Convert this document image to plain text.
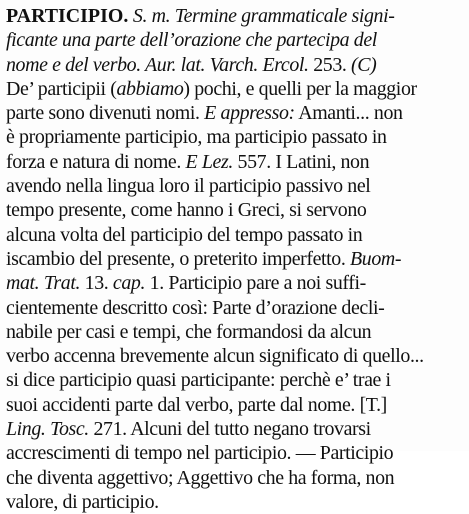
PARTICIPIO. S. m. Termine grammaticale signi-
ficante una parte dell’orazione che partecipa del
nome e del verbo. Aur. lat. Varch. Ercol. 253. (C)
De’ participii (abbiamo) pochi, e quelli per la maggior
parte sono divenuti nomi. E appresso: Amanti... non
è propriamente participio, ma participio passato in
forza e natura di nome. E Lez. 557. I Latini, non
avendo nella lingua loro il participio passivo nel
tempo presente, come hanno i Greci, si servono
alcuna volta del participio del tempo passato in
iscambio del presente, o preterito imperfetto. Buom-
mat. Trat. 13. cap. 1. Participio pare a noi suffi-
cientemente descritto così: Parte d’orazione decli-
nabile per casi e tempi, che formandosi da alcun
verbo accenna brevemente alcun significato di quello...
si dice participio quasi participante: perchè e’ trae i
suoi accidenti parte dal verbo, parte dal nome. [T.]
Ling. Tosc. 271. Alcuni del tutto negano trovarsi
accrescimenti di tempo nel participio. — Participio
che diventa aggettivo; Aggettivo che ha forma, non
valore, di participio.
